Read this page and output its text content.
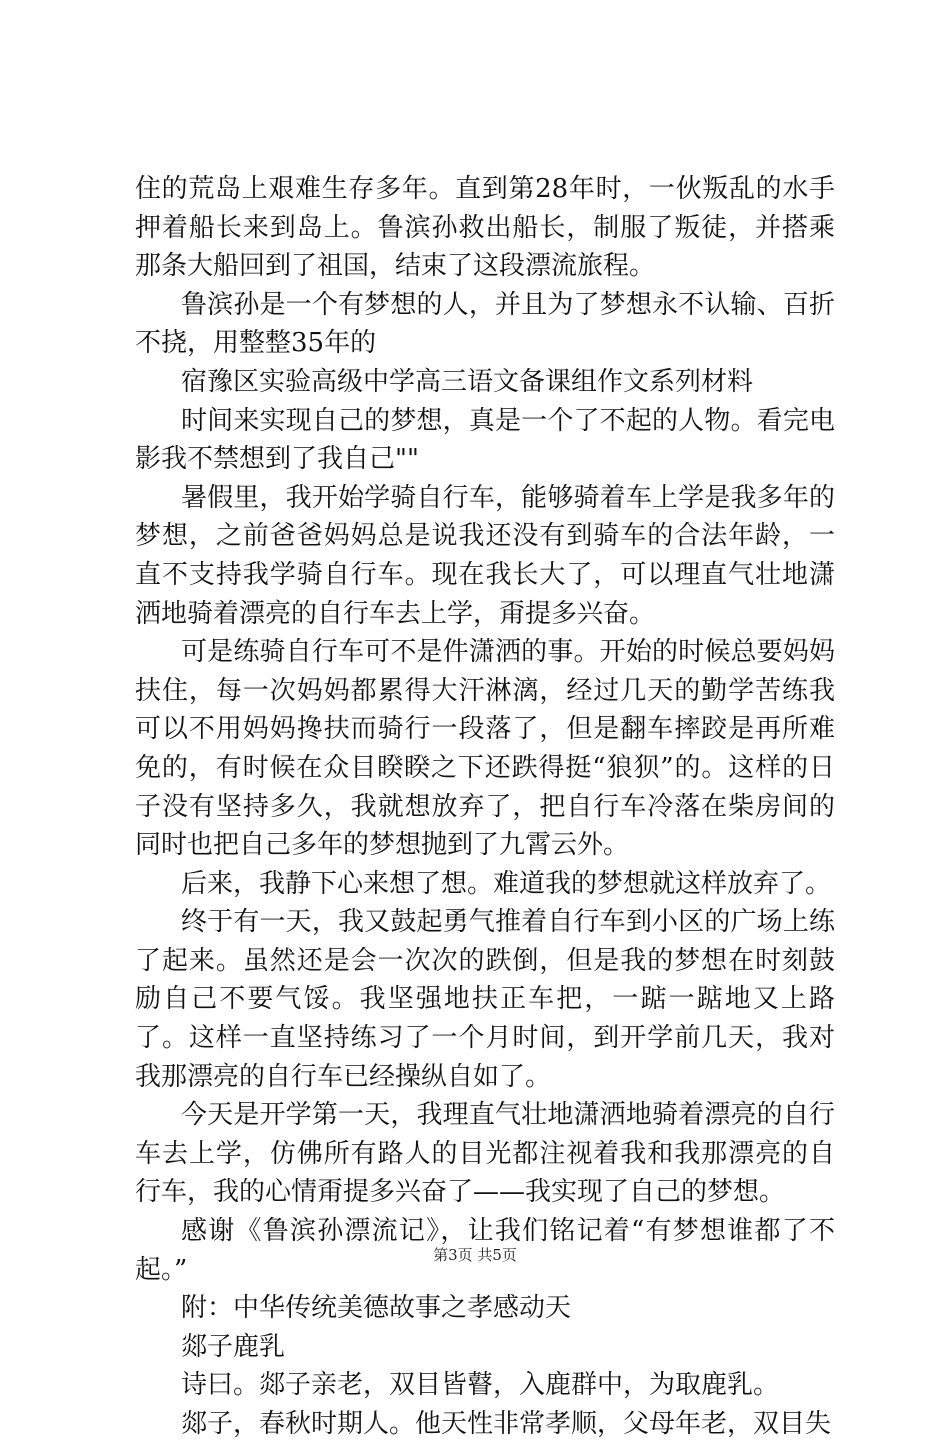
住的荒岛上艰难生存多年。直到第28年时，一伙叛乱的水手押着船长来到岛上。鲁滨孙救出船长，制服了叛徒，并搭乘那条大船回到了祖国，结束了这段漂流旅程。

鲁滨孙是一个有梦想的人，并且为了梦想永不认输、百折不挠，用整整35年的

宿豫区实验高级中学高三语文备课组作文系列材料

时间来实现自己的梦想，真是一个了不起的人物。看完电影我不禁想到了我自己""

暑假里，我开始学骑自行车，能够骑着车上学是我多年的梦想，之前爸爸妈妈总是说我还没有到骑车的合法年龄，一直不支持我学骑自行车。现在我长大了，可以理直气壮地潇洒地骑着漂亮的自行车去上学，甭提多兴奋。

可是练骑自行车可不是件潇洒的事。开始的时候总要妈妈扶住，每一次妈妈都累得大汗淋漓，经过几天的勤学苦练我可以不用妈妈搀扶而骑行一段落了，但是翻车摔跤是再所难免的，有时候在众目睽睽之下还跌得挺“狼狈”的。这样的日子没有坚持多久，我就想放弃了，把自行车冷落在柴房间的同时也把自己多年的梦想抛到了九霄云外。

后来，我静下心来想了想。难道我的梦想就这样放弃了。

终于有一天，我又鼓起勇气推着自行车到小区的广场上练了起来。虽然还是会一次次的跌倒，但是我的梦想在时刻鼓励自己不要气馁。我坚强地扶正车把，一踮一踮地又上路了。这样一直坚持练习了一个月时间，到开学前几天，我对我那漂亮的自行车已经操纵自如了。

今天是开学第一天，我理直气壮地潇洒地骑着漂亮的自行车去上学，仿佛所有路人的目光都注视着我和我那漂亮的自行车，我的心情甭提多兴奋了——我实现了自己的梦想。

感谢《鲁滨孙漂流记》，让我们铭记着“有梦想谁都了不起。”

附：中华传统美德故事之孝感动天

郯子鹿乳

诗曰。郯子亲老，双目皆瞽，入鹿群中，为取鹿乳。

郯子，春秋时期人。他天性非常孝顺，父母年老，双目失

第3页 共5页
